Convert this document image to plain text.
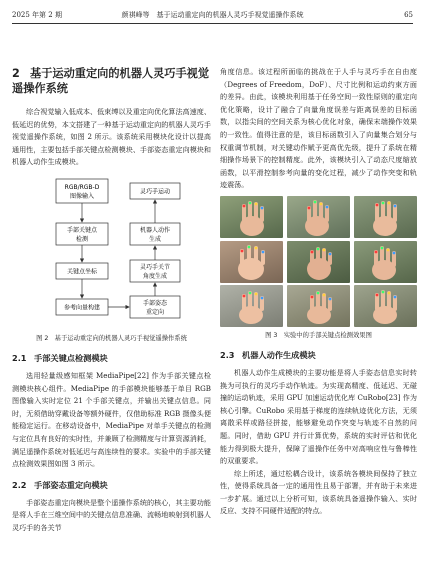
2025 年第 2 期	颜祺峰等　基于运动重定向的机器人灵巧手视觉遥操作系统	65
2 基于运动重定向的机器人灵巧手视觉遥操作系统

综合视觉输入低成本、低束缚以及重定向优化算法高速度、低延迟的优势，本文搭建了一种基于运动重定向的机器人灵巧手视觉遥操作系统，如图 2 所示。该系统采用模块化设计以提高通用性，主要包括手部关键点检测模块、手部姿态重定向模块和机器人动作生成模块。

RGB/RGB-D
图像输入
手部关键点
检测
关键点坐标
参考向量构建
灵巧手运动
机器人动作
生成
灵巧手关节
角度生成
手部姿态
重定向
图 2　基于运动重定向的机器人灵巧手视觉遥操作系统
2.1 手部关键点检测模块

选用轻量级感知框架 MediaPipe[22] 作为手部关键点检测模块核心组件。MediaPipe 的手部模块能够基于单目 RGB 图像输入实时定位 21 个手部关键点，并输出关键点信息。同时，无须借助穿戴设备等额外硬件，仅借助标准 RGB 摄像头便能稳定运行。在移动设备中，MediaPipe 对单手关键点的检测与定位具有良好的实时性，并兼顾了检测精度与计算资源消耗，满足遥操作系统对低延迟与高连续性的要求。实验中的手部关键点检测效果图如图 3 所示。

2.2 手部姿态重定向模块

手部姿态重定向模块是整个遥操作系统的核心，其主要功能是将人手在三维空间中的关键点信息准确、流畅地映射到机器人灵巧手的各关节

角度信息。该过程所面临的挑战在于人手与灵巧手在自由度（Degrees of Freedom，DoF）、尺寸比例和运动约束方面的差异。由此，该模块利用基于任务空间一致性原则的重定向优化策略，设计了融合了向量角度误差与距离误差的目标函数，以指尖间的空间关系为核心优化对象，确保末端操作效果的一致性。值得注意的是，该目标函数引入了向量集合划分与权重调节机制，对关键动作赋予更高优先级，提升了系统在精细操作场景下的控制精度。此外，该模块引入了动态尺度缩放函数，以平滑控制参考向量的变化过程，减少了动作突变和轨迹震荡。

图 3　实验中的手部关键点检测效果图
2.3 机器人动作生成模块

机器人动作生成模块的主要功能是将人手姿态信息实时转换为可执行的灵巧手动作轨迹。为实现高精度、低延迟、无碰撞的运动轨迹，采用 GPU 加速运动优化库 CuRobo[23] 作为核心引擎。CuRobo 采用基于梯度的连续轨迹优化方法，无须离散采样或路径拼接，能够避免动作突变与轨迹不自然的问题。同时，借助 GPU 并行计算优势，系统的实时评估和优化能力得到极大提升，保障了遥操作任务中对高响应性与鲁棒性的双重要求。

综上所述，通过松耦合设计，该系统各模块间保持了独立性，使得系统具备一定的通用性且易于部署，并有助于未来进一步扩展。通过以上分析可知，该系统具备遥操作输入、实时反应、支持不同硬件适配的特点。
